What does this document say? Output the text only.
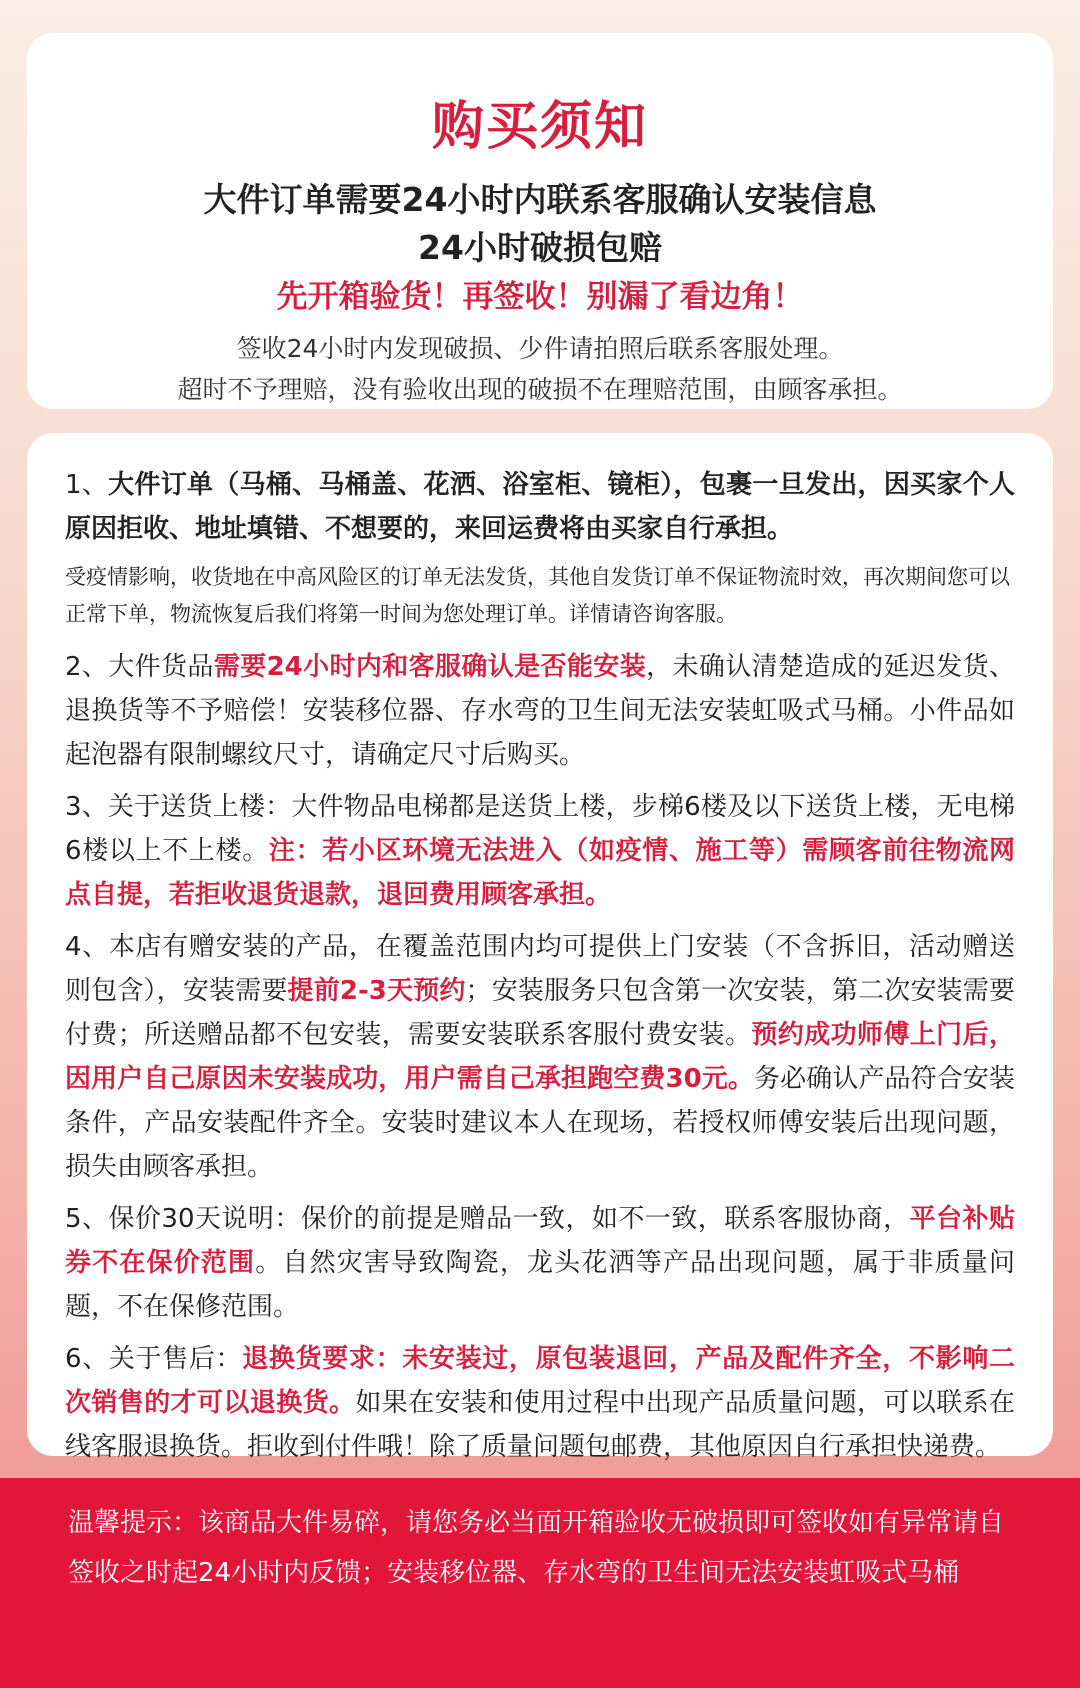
购买须知
大件订单需要24小时内联系客服确认安装信息
24小时破损包赔
先开箱验货！再签收！别漏了看边角！
签收24小时内发现破损、少件请拍照后联系客服处理。
超时不予理赔，没有验收出现的破损不在理赔范围，由顾客承担。

1、大件订单（马桶、马桶盖、花洒、浴室柜、镜柜），包裹一旦发出，因买家个人原因拒收、地址填错、不想要的，来回运费将由买家自行承担。

受疫情影响，收货地在中高风险区的订单无法发货，其他自发货订单不保证物流时效，再次期间您可以正常下单，物流恢复后我们将第一时间为您处理订单。详情请咨询客服。

2、大件货品需要24小时内和客服确认是否能安装，未确认清楚造成的延迟发货、退换货等不予赔偿！安装移位器、存水弯的卫生间无法安装虹吸式马桶。小件品如起泡器有限制螺纹尺寸，请确定尺寸后购买。

3、关于送货上楼：大件物品电梯都是送货上楼，步梯6楼及以下送货上楼，无电梯6楼以上不上楼。注：若小区环境无法进入（如疫情、施工等）需顾客前往物流网点自提，若拒收退货退款，退回费用顾客承担。

4、本店有赠安装的产品，在覆盖范围内均可提供上门安装（不含拆旧，活动赠送则包含），安装需要提前2-3天预约；安装服务只包含第一次安装，第二次安装需要付费；所送赠品都不包安装，需要安装联系客服付费安装。预约成功师傅上门后，因用户自己原因未安装成功，用户需自己承担跑空费30元。务必确认产品符合安装条件，产品安装配件齐全。安装时建议本人在现场，若授权师傅安装后出现问题，损失由顾客承担。

5、保价30天说明：保价的前提是赠品一致，如不一致，联系客服协商，平台补贴券不在保价范围。自然灾害导致陶瓷，龙头花洒等产品出现问题，属于非质量问题，不在保修范围。

6、关于售后：退换货要求：未安装过，原包装退回，产品及配件齐全，不影响二次销售的才可以退换货。如果在安装和使用过程中出现产品质量问题，可以联系在线客服退换货。拒收到付件哦！除了质量问题包邮费，其他原因自行承担快递费。

温馨提示：该商品大件易碎，请您务必当面开箱验收无破损即可签收如有异常请自签收之时起24小时内反馈；安装移位器、存水弯的卫生间无法安装虹吸式马桶
